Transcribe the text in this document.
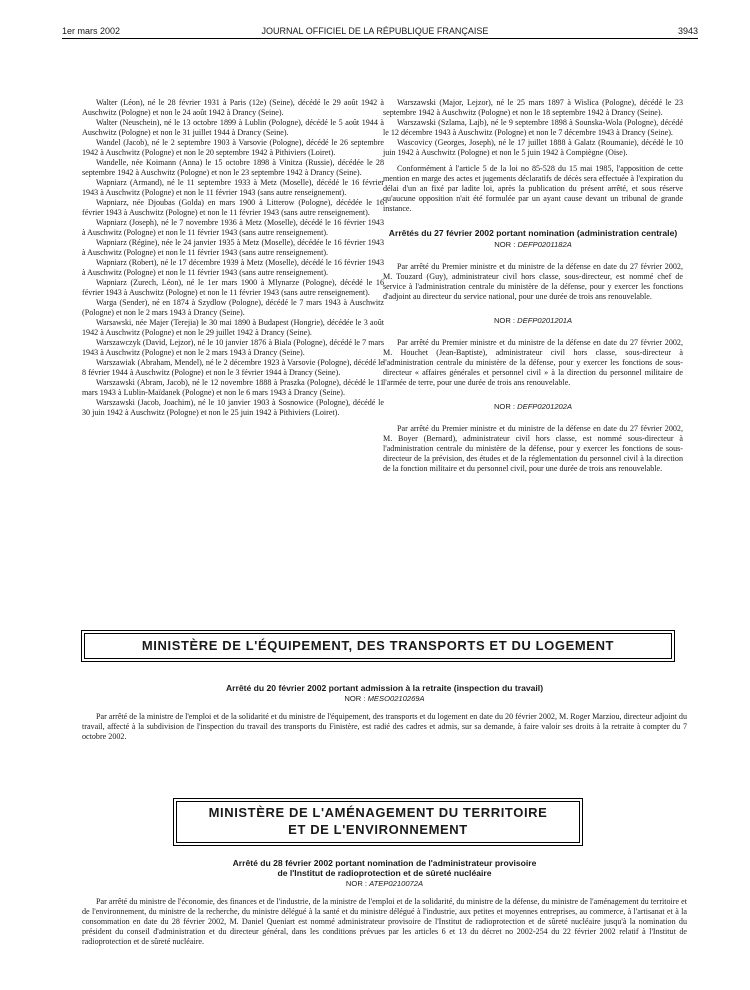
1er mars 2002	JOURNAL OFFICIEL DE LA RÉPUBLIQUE FRANÇAISE	3943

Walter (Léon), né le 28 février 1931 à Paris (12e) (Seine), décédé le 29 août 1942 à Auschwitz (Pologne) et non le 24 août 1942 à Drancy (Seine).

Walter (Neuschein), né le 13 octobre 1899 à Lublin (Pologne), décédé le 5 août 1944 à Auschwitz (Pologne) et non le 31 juillet 1944 à Drancy (Seine).

Wandel (Jacob), né le 2 septembre 1903 à Varsovie (Pologne), décédé le 26 septembre 1942 à Auschwitz (Pologne) et non le 20 septembre 1942 à Pithiviers (Loiret).

Wandelle, née Koimann (Anna) le 15 octobre 1898 à Vinitza (Russie), décédée le 28 septembre 1942 à Auschwitz (Pologne) et non le 23 septembre 1942 à Drancy (Seine).

Wapniarz (Armand), né le 11 septembre 1933 à Metz (Moselle), décédé le 16 février 1943 à Auschwitz (Pologne) et non le 11 février 1943 (sans autre renseignement).

Wapniarz, née Djoubas (Golda) en mars 1900 à Litterow (Pologne), décédée le 16 février 1943 à Auschwitz (Pologne) et non le 11 février 1943 (sans autre renseignement).

Wapniarz (Joseph), né le 7 novembre 1936 à Metz (Moselle), décédé le 16 février 1943 à Auschwitz (Pologne) et non le 11 février 1943 (sans autre renseignement).

Wapniarz (Régine), née le 24 janvier 1935 à Metz (Moselle), décédée le 16 février 1943 à Auschwitz (Pologne) et non le 11 février 1943 (sans autre renseignement).

Wapniarz (Robert), né le 17 décembre 1939 à Metz (Moselle), décédé le 16 février 1943 à Auschwitz (Pologne) et non le 11 février 1943 (sans autre renseignement).

Wapniarz (Zurech, Léon), né le 1er mars 1900 à Mlynarze (Pologne), décédé le 16 février 1943 à Auschwitz (Pologne) et non le 11 février 1943 (sans autre renseignement).

Warga (Sender), né en 1874 à Szydlow (Pologne), décédé le 7 mars 1943 à Auschwitz (Pologne) et non le 2 mars 1943 à Drancy (Seine).

Warsawski, née Majer (Terejia) le 30 mai 1890 à Budapest (Hongrie), décédée le 3 août 1942 à Auschwitz (Pologne) et non le 29 juillet 1942 à Drancy (Seine).

Warszawczyk (David, Lejzor), né le 10 janvier 1876 à Biala (Pologne), décédé le 7 mars 1943 à Auschwitz (Pologne) et non le 2 mars 1943 à Drancy (Seine).

Warszawiak (Abraham, Mendel), né le 2 décembre 1923 à Varsovie (Pologne), décédé le 8 février 1944 à Auschwitz (Pologne) et non le 3 février 1944 à Drancy (Seine).

Warszawski (Abram, Jacob), né le 12 novembre 1888 à Praszka (Pologne), décédé le 11 mars 1943 à Lublin-Maïdanek (Pologne) et non le 6 mars 1943 à Drancy (Seine).

Warszawski (Jacob, Joachim), né le 10 janvier 1903 à Sosnowice (Pologne), décédé le 30 juin 1942 à Auschwitz (Pologne) et non le 25 juin 1942 à Pithiviers (Loiret).

Warszawski (Major, Lejzor), né le 25 mars 1897 à Wislica (Pologne), décédé le 23 septembre 1942 à Auschwitz (Pologne) et non le 18 septembre 1942 à Drancy (Seine).

Warszawski (Szlama, Lajb), né le 9 septembre 1898 à Sounska-Wola (Pologne), décédé le 12 décembre 1943 à Auschwitz (Pologne) et non le 7 décembre 1943 à Drancy (Seine).

Wascovicy (Georges, Joseph), né le 17 juillet 1888 à Galatz (Roumanie), décédé le 10 juin 1942 à Auschwitz (Pologne) et non le 5 juin 1942 à Compiègne (Oise).

Conformément à l'article 5 de la loi no 85-528 du 15 mai 1985, l'apposition de cette mention en marge des actes et jugements déclaratifs de décès sera effectuée à l'expiration du délai d'un an fixé par ladite loi, après la publication du présent arrêté, et sous réserve qu'aucune opposition n'ait été formulée par un ayant cause devant un tribunal de grande instance.

Arrêtés du 27 février 2002 portant nomination (administration centrale)
NOR : DEFP0201182A

Par arrêté du Premier ministre et du ministre de la défense en date du 27 février 2002, M. Touzard (Guy), administrateur civil hors classe, sous-directeur, est nommé chef de service à l'administration centrale du ministère de la défense, pour y exercer les fonctions d'adjoint au directeur du service national, pour une durée de trois ans renouvelable.

NOR : DEFP0201201A

Par arrêté du Premier ministre et du ministre de la défense en date du 27 février 2002, M. Houchet (Jean-Baptiste), administrateur civil hors classe, sous-directeur à l'administration centrale du ministère de la défense, pour y exercer les fonctions de sous-directeur « affaires générales et personnel civil » à la direction du personnel militaire de l'armée de terre, pour une durée de trois ans renouvelable.

NOR : DEFP0201202A

Par arrêté du Premier ministre et du ministre de la défense en date du 27 février 2002, M. Boyer (Bernard), administrateur civil hors classe, est nommé sous-directeur à l'administration centrale du ministère de la défense, pour y exercer les fonctions de sous-directeur de la prévision, des études et de la réglementation du personnel civil à la direction de la fonction militaire et du personnel civil, pour une durée de trois ans renouvelable.

MINISTÈRE DE L'ÉQUIPEMENT, DES TRANSPORTS ET DU LOGEMENT
Arrêté du 20 février 2002 portant admission à la retraite (inspection du travail)
NOR : MESO0210269A

Par arrêté de la ministre de l'emploi et de la solidarité et du ministre de l'équipement, des transports et du logement en date du 20 février 2002, M. Roger Marziou, directeur adjoint du travail, affecté à la subdivision de l'inspection du travail des transports du Finistère, est radié des cadres et admis, sur sa demande, à faire valoir ses droits à la retraite à compter du 7 octobre 2002.

MINISTÈRE DE L'AMÉNAGEMENT DU TERRITOIRE
ET DE L'ENVIRONNEMENT
Arrêté du 28 février 2002 portant nomination de l'administrateur provisoire
de l'Institut de radioprotection et de sûreté nucléaire
NOR : ATEP0210072A

Par arrêté du ministre de l'économie, des finances et de l'industrie, de la ministre de l'emploi et de la solidarité, du ministre de la défense, du ministre de l'aménagement du territoire et de l'environnement, du ministre de la recherche, du ministre délégué à la santé et du ministre délégué à l'industrie, aux petites et moyennes entreprises, au commerce, à l'artisanat et à la consommation en date du 28 février 2002, M. Daniel Queniart est nommé administrateur provisoire de l'Institut de radioprotection et de sûreté nucléaire jusqu'à la nomination du président du conseil d'administration et du directeur général, dans les conditions prévues par les articles 6 et 13 du décret no 2002-254 du 22 février 2002 relatif à l'Institut de radioprotection et de sûreté nucléaire.
